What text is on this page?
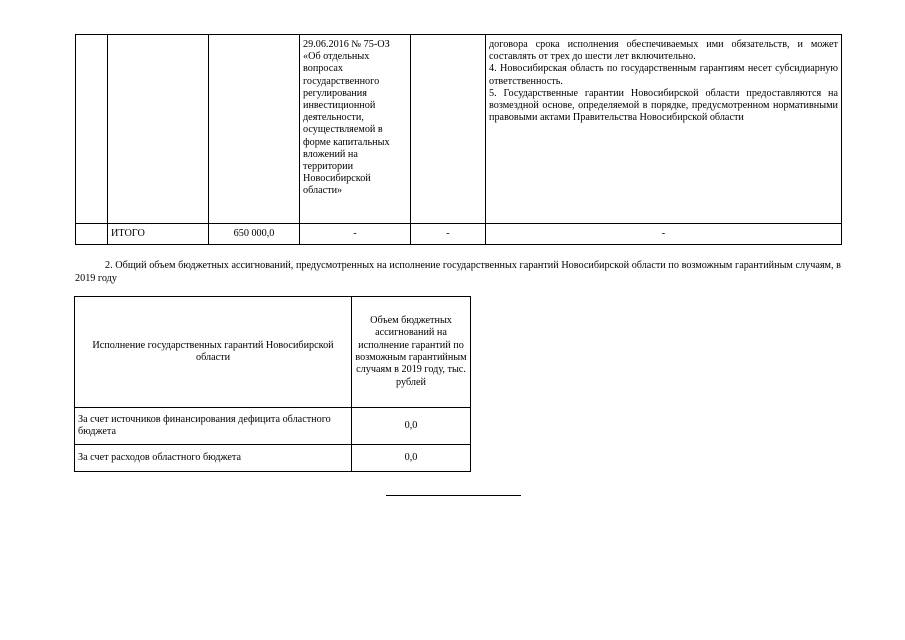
			29.06.2016 № 75-ОЗ «Об отдельных вопросах государственного регулирования инвестиционной деятельности, осуществляемой в форме капитальных вложений на территории Новосибирской области»		договора срока исполнения обеспечиваемых ими обязательств, и может составлять от трех до шести лет включительно.
4. Новосибирская область по государственным гарантиям несет субсидиарную ответственность.
5. Государственные гарантии Новосибирской области предоставляются на возмездной основе, определяемой в порядке, предусмотренном нормативными правовыми актами Правительства Новосибирской области

	ИТОГО	650 000,0	-	-	-
2. Общий объем бюджетных ассигнований, предусмотренных на исполнение государственных гарантий Новосибирской области по возможным гарантийным случаям, в 2019 году
Исполнение государственных гарантий Новосибирской области	Объем бюджетных ассигнований на исполнение гарантий по возможным гарантийным случаям в 2019 году, тыс. рублей
За счет источников финансирования дефицита областного бюджета	0,0
За счет расходов областного бюджета	0,0
